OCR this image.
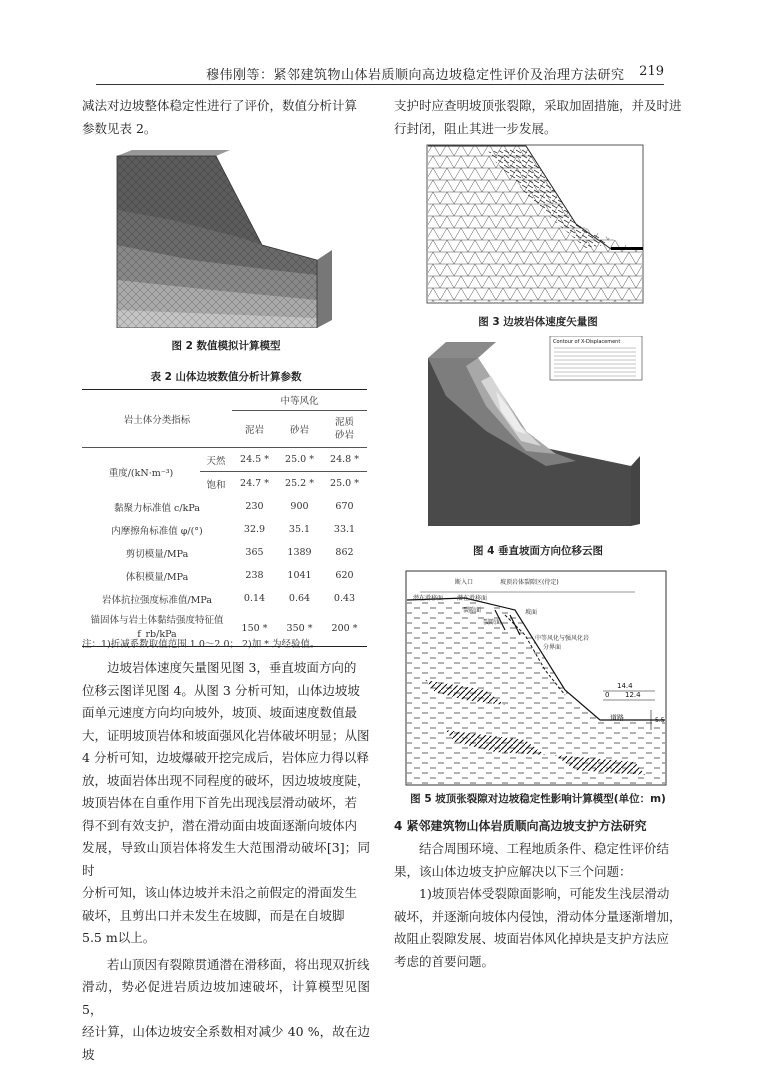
穆伟刚等：紧邻建筑物山体岩质顺向高边坡稳定性评价及治理方法研究 219

减法对边坡整体稳定性进行了评价，数值分析计算

参数见表 2。

图 2 数值模拟计算模型
表 2 山体边坡数值分析计算参数
岩土体分类指标		中等风化		
		泥岩	砂岩	泥质
砂岩
重度/(kN·m⁻³)	天然	24.5 *	25.0 *	24.8 *
	饱和	24.7 *	25.2 *	25.0 *
黏聚力标准值 c/kPa		230	900	670
内摩擦角标准值 φ/(°)		32.9	35.1	33.1
剪切模量/MPa		365	1389	862
体积模量/MPa		238	1041	620
岩体抗拉强度标准值/MPa		0.14	0.64	0.43
锚固体与岩土体黏结强度特征值
f_rb/kPa		150 *	350 *	200 *
注：1)折减系数取值范围 1.0～2.0； 2)加 * 为经验值。

边坡岩体速度矢量图见图 3，垂直坡面方向的

位移云图详见图 4。从图 3 分析可知，山体边坡坡

面单元速度方向均向坡外，坡顶、坡面速度数值最

大，证明坡顶岩体和坡面强风化岩体破坏明显；从图

4 分析可知，边坡爆破开挖完成后，岩体应力得以释

放，坡面岩体出现不同程度的破坏，因边坡坡度陡，

坡顶岩体在自重作用下首先出现浅层滑动破坏，若

得不到有效支护，潜在滑动面由坡面逐渐向坡体内

发展，导致山顶岩体将发生大范围滑动破坏[3]；同时

分析可知，该山体边坡并未沿之前假定的滑面发生

破坏，且剪出口并未发生在坡脚，而是在自坡脚

5.5 m以上。

若山顶因有裂隙贯通潜在滑移面，将出现双折线

滑动，势必促进岩质边坡加速破坏，计算模型见图 5，

经计算，山体边坡安全系数相对减少 40 %，故在边坡

支护时应查明坡顶张裂隙，采取加固措施，并及时进

行封闭，阻止其进一步发展。

图 3 边坡岩体速度矢量图
Contour of X-Displacement
图 4 垂直坡面方向位移云图
断入口	坡顶岩体裂隙区(待定)
潜在滑移面 潜在滑移面
裂隙面
裂隙面
坡面
中等风化与强风化岩
分界面
14.4
0 12.4
道路	5.5
图 5 坡顶张裂隙对边坡稳定性影响计算模型(单位：m)
4 紧邻建筑物山体岩质顺向高边坡支护方法研究

结合周围环境、工程地质条件、稳定性评价结

果，该山体边坡支护应解决以下三个问题：

1)坡顶岩体受裂隙面影响，可能发生浅层滑动

破坏，并逐渐向坡体内侵蚀，滑动体分量逐渐增加，

故阻止裂隙发展、坡面岩体风化掉块是支护方法应

考虑的首要问题。
